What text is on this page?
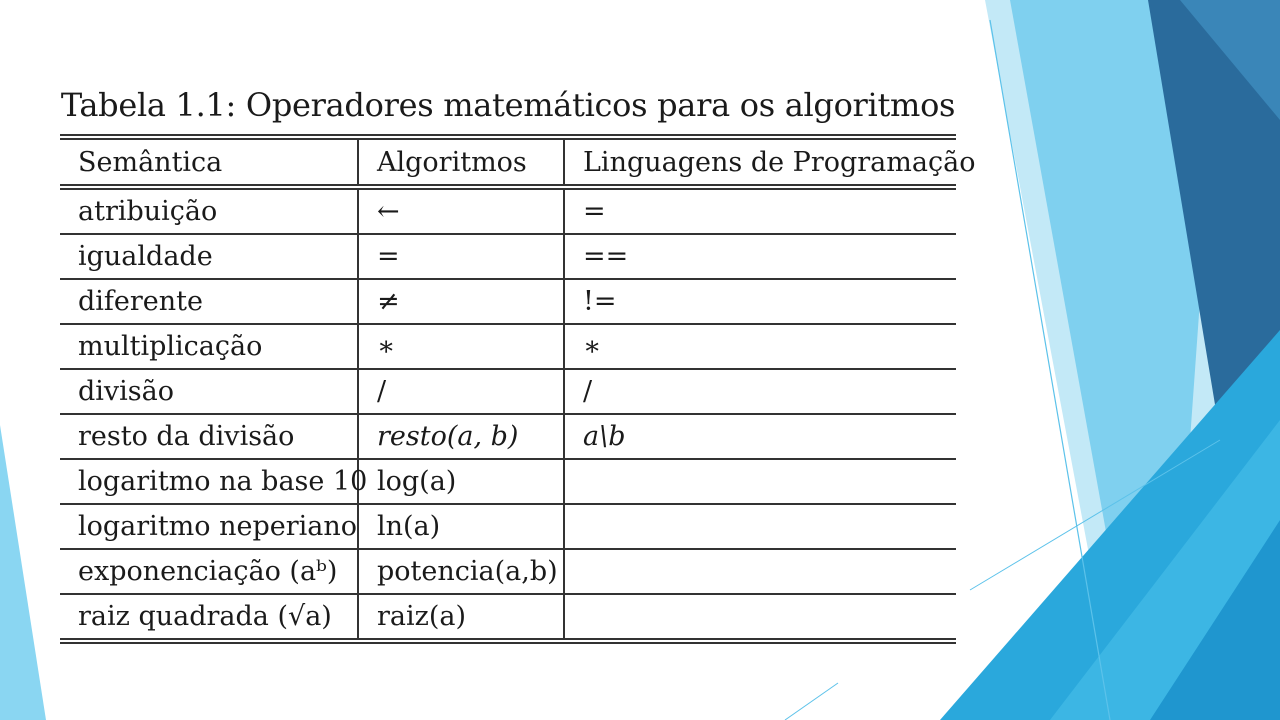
Tabela 1.1: Operadores matemáticos para os algoritmos
Semântica	Algoritmos	Linguagens de Programação
atribuição	←	=
igualdade	=	==
diferente	≠	!=
multiplicação	∗	∗
divisão	/	/
resto da divisão	resto(a, b)	a\b
logaritmo na base 10	log(a)	
logaritmo neperiano	ln(a)	
exponenciação (aᵇ)	potencia(a,b)	
raiz quadrada (√a)	raiz(a)	
